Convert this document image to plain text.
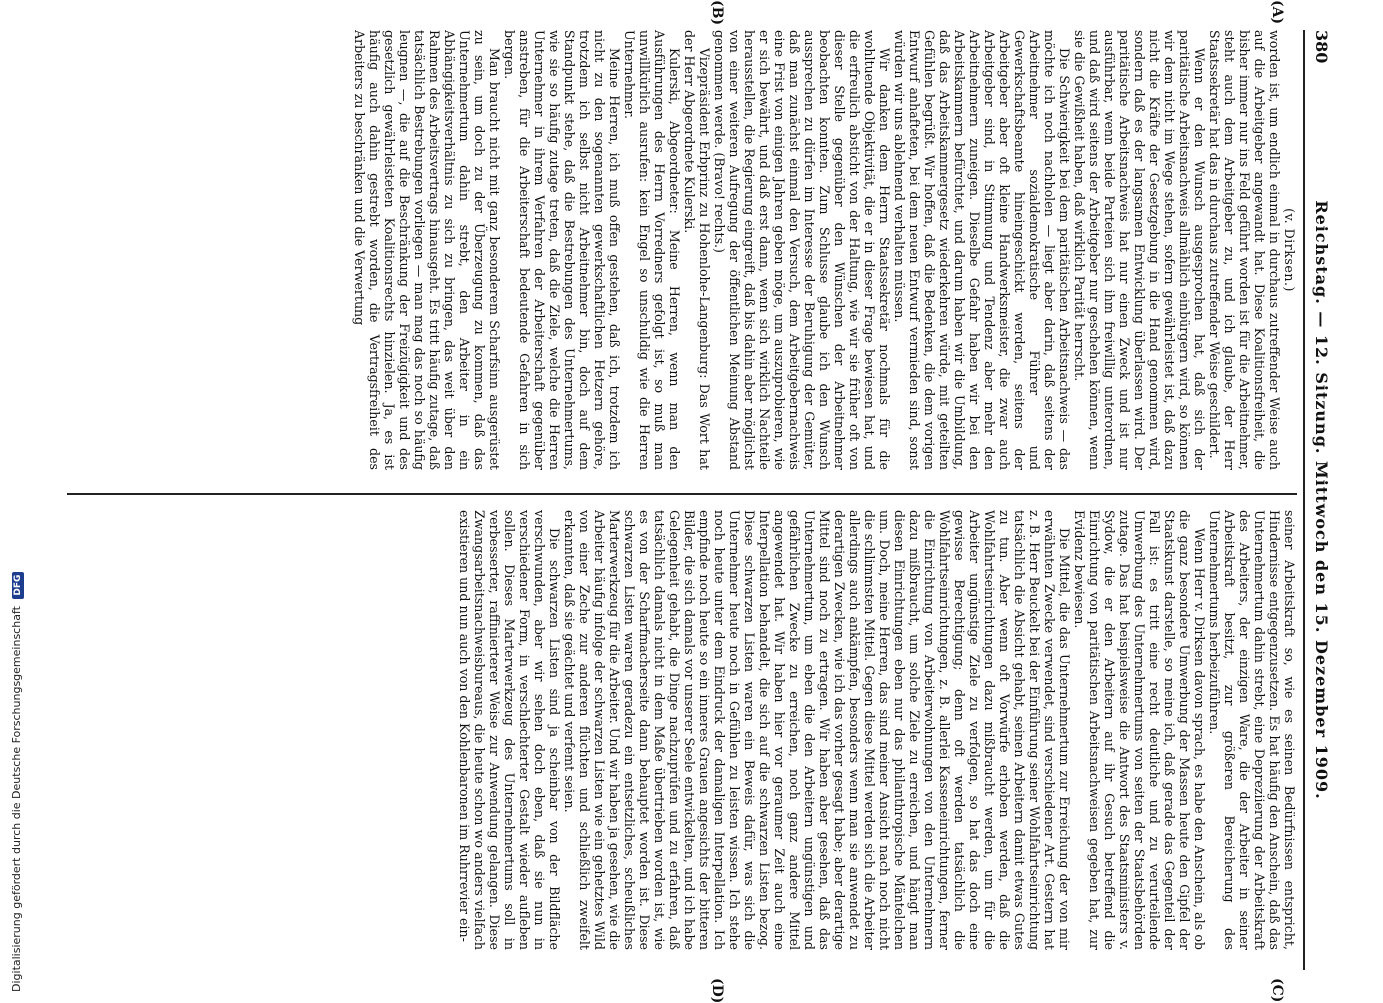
380
Reichstag. — 12. Sitzung. Mittwoch den 15. Dezember 1909.
(A)
(B)
(C)
(D)

(v. Dirksen.)

worden ist, um endlich einmal in durchaus zutreffender Weise auch auf die Arbeitgeber angewandt hat. Diese Koalitionsfreiheit, die bisher immer nur ins Feld geführt worden ist für die Arbeitnehmer, steht auch dem Arbeitgeber zu, und ich glaube, der Herr Staatssekretär hat das in durchaus zutreffender Weise geschildert.

Wenn er den Wunsch ausgesprochen hat, daß sich der paritätische Arbeitsnachweis allmählich einbürgern wird, so können wir dem nicht im Wege stehen, sofern gewährleistet ist, daß dazu nicht die Kräfte der Gesetzgebung in die Hand genommen wird, sondern daß es der langsamen Entwicklung überlassen wird. Der paritätische Arbeitsnachweis hat nur einen Zweck und ist nur ausführbar, wenn beide Parteien sich ihm freiwillig unterordnen, und daß wird seitens der Arbeitgeber nur geschehen können, wenn sie die Gewißheit haben, daß wirklich Parität herrscht.

Die Schwierigkeit bei dem paritätischen Arbeitsnachweis — das möchte ich noch nachholen — liegt aber darin, daß seitens der Arbeitnehmer sozialdemokratische Führer und Gewerkschaftsbeamte hineingeschickt werden, seitens der Arbeitgeber aber oft kleine Handwerksmeister, die zwar auch Arbeitgeber sind, in Stimmung und Tendenz aber mehr den Arbeitnehmern zuneigen. Dieselbe Gefahr haben wir bei den Arbeitskammern befürchtet, und darum haben wir die Umbildung, daß das Arbeitskammergesetz wiederkehren würde, mit geteilten Gefühlen begrüßt. Wir hoffen, daß die Bedenken, die dem vorigen Entwurf anhafteten, bei dem neuen Entwurf vermieden sind, sonst würden wir uns ablehnend verhalten müssen.

Wir danken dem Herrn Staatssekretär nochmals für die wohltuende Objektivität, die er in dieser Frage bewiesen hat, und die erfreulich absticht von der Haltung, wie wir sie früher oft von dieser Stelle gegenüber den Wünschen der Arbeitnehmer beobachten konnten. Zum Schlusse glaube ich den Wunsch aussprechen zu dürfen im Interesse der Beruhigung der Gemüter, daß man zunächst einmal den Versuch, dem Arbeitgebernachweis eine Frist von einigen Jahren geben möge, um auszuprobieren, wie er sich bewährt, und daß erst dann, wenn sich wirklich Nachteile herausstellen, die Regierung eingreift, daß bis dahin aber möglichst von einer weiteren Aufregung der öffentlichen Meinung Abstand genommen werde. (Bravo! rechts.)

Vizepräsident Erbprinz zu Hohenlohe-Langenburg: Das Wort hat der Herr Abgeordnete Kulerski.

Kulerski, Abgeordneter: Meine Herren, wenn man den Ausführungen des Herrn Vorredners gefolgt ist, so muß man unwillkürlich ausrufen: kein Engel so unschuldig wie die Herren Unternehmer.

Meine Herren, ich muß offen gestehen, daß ich, trotzdem ich nicht zu den sogenannten gewerkschaftlichen Hetzern gehöre, trotzdem ich selbst nicht Arbeitnehmer bin, doch auf dem Standpunkt stehe, daß die Bestrebungen des Unternehmertums, wie sie so häufig zutage treten, daß die Ziele, welche die Herren Unternehmer in ihrem Verfahren der Arbeiterschaft gegenüber anstreben, für die Arbeiterschaft bedeutende Gefahren in sich bergen.

Man braucht nicht mit ganz besonderem Scharfsinn ausgerüstet zu sein, um doch zu der Überzeugung zu kommen, daß das Unternehmertum dahin strebt, den Arbeiter in ein Abhängigkeitsverhältnis zu sich zu bringen, das weit über den Rahmen des Arbeitsvertrags hinausgeht. Es tritt häufig zutage, daß tatsächlich Bestrebungen vorliegen — man mag das noch so häufig leugnen —, die auf die Beschränkung der Freizügigkeit und des gesetzlich gewährleisteten Koalitionsrechts hinzielen. Ja, es ist häufig auch dahin gestrebt worden, die Vertragsfreiheit des Arbeiters zu beschränken und die Verwertung

seiner Arbeitskraft so, wie es seinen Bedürfnissen entspricht, Hindernisse entgegenzusetzen. Es hat häufig den Anschein, daß das Unternehmertum dahin strebt, eine Depreziierung der Arbeitskraft des Arbeiters, der einzigen Ware, die der Arbeiter in seiner Arbeitskraft besitzt, zur größeren Bereicherung des Unternehmertums herbeizuführen.

Wenn Herr v. Dirksen davon sprach, es habe den Anschein, als ob die ganz besondere Umwerbung der Massen heute den Gipfel der Staatskunst darstelle, so meine ich, daß gerade das Gegenteil der Fall ist: es tritt eine recht deutliche und zu verurteilende Umwerbung des Unternehmertums von seiten der Staatsbehörden zutage. Das hat beispielsweise die Antwort des Staatsministers v. Sydow, die er den Arbeitern auf ihr Gesuch betreffend die Einrichtung von paritätischen Arbeitsnachweisen gegeben hat, zur Evidenz bewiesen.

Die Mittel, die das Unternehmertum zur Erreichung der von mir erwähnten Zwecke verwendet, sind verschiedener Art. Gestern hat z. B. Herr Beuckelt bei der Einführung seiner Wohlfahrtseinrichtung tatsächlich die Absicht gehabt, seinen Arbeitern damit etwas Gutes zu tun. Aber wenn oft Vorwürfe erhoben werden, daß die Wohlfahrtseinrichtungen dazu mißbraucht werden, um für die Arbeiter ungünstige Ziele zu verfolgen, so hat das doch eine gewisse Berechtigung; denn oft werden tatsächlich die Wohlfahrtseinrichtungen, z. B. allerlei Kasseneinrichtungen, ferner die Einrichtung von Arbeiterwohnungen von den Unternehmern dazu mißbraucht, um solche Ziele zu erreichen, und hängt man diesen Einrichtungen eben nur das philanthropische Mäntelchen um. Doch, meine Herren, das sind meiner Ansicht nach noch nicht die schlimmsten Mittel. Gegen diese Mittel werden sich die Arbeiter allerdings auch ankämpfen, besonders wenn man sie anwendet zu derartigen Zwecken, wie ich das vorher gesagt habe; aber derartige Mittel sind noch zu ertragen. Wir haben aber gesehen, daß das Unternehmertum, um eben die den Arbeitern ungünstigen und gefährlichen Zwecke zu erreichen, noch ganz andere Mittel angewendet hat. Wir haben hier vor geraumer Zeit auch eine Interpellation behandelt, die sich auf die schwarzen Listen bezog. Diese schwarzen Listen waren ein Beweis dafür, was sich die Unternehmer heute noch in Gefühlen zu leisten wissen. Ich stehe noch heute unter dem Eindruck der damaligen Interpellation. Ich empfinde noch heute so ein inneres Grauen angesichts der bitteren Bilder, die sich damals vor unserer Seele entwickelten, und ich habe Gelegenheit gehabt, die Dinge nachzuprüfen und zu erfahren, daß tatsächlich damals nicht in dem Maße übertrieben worden ist, wie es von der Scharfmacherseite dann behauptet worden ist. Diese schwarzen Listen waren geradezu ein entsetzliches, scheußliches Marterwerkzeug für die Arbeiter. Und wir haben ja gesehen, wie die Arbeiter häufig infolge der schwarzen Listen wie ein gehetztes Wild von einer Zeche zur anderen flüchten und schließlich zweifelt erkannten, daß sie geächtet und verfemt seien.

Die schwarzen Listen sind ja scheinbar von der Bildfläche verschwunden, aber wir sehen doch eben, daß sie nun in verschiedener Form, in verschlechterter Gestalt wieder aufleben sollen. Dieses Marterwerkzeug des Unternehmertums soll in verbesserter, raffinierterer Weise zur Anwendung gelangen. Diese Zwangsarbeitsnachweisbureaus, die heute schon wo anders vielfach existieren und nun auch von den Kohlenbaronen im Ruhrrevier ein-

Digitalisierung gefördert durch die Deutsche Forschungsgemeinschaft DFG
